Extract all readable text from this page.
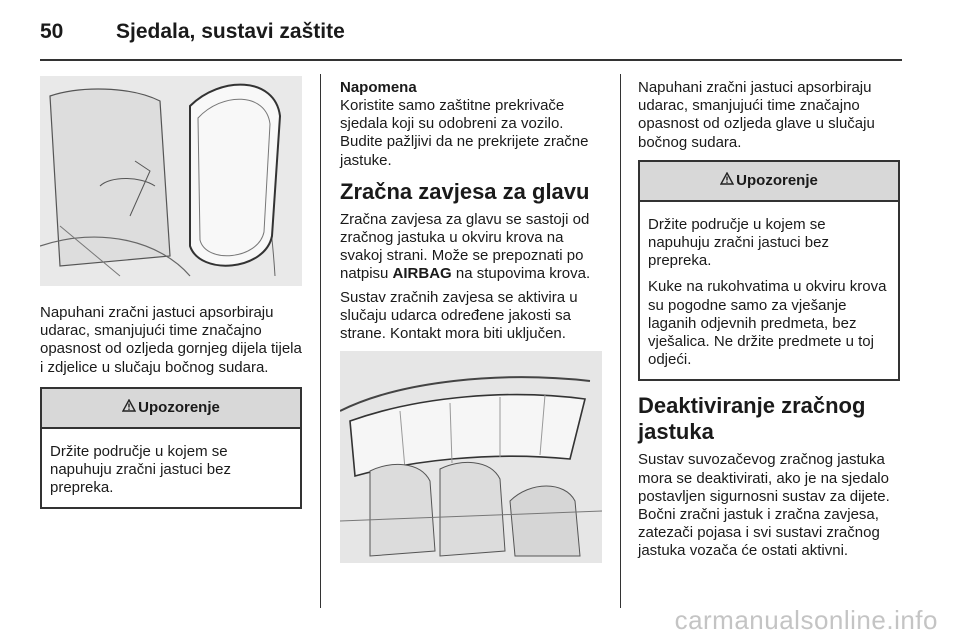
50	Sjedala, sustavi zaštite

Napuhani zračni jastuci apsorbiraju udarac, smanjujući time značajno opasnost od ozljeda gornjeg dijela tijela i zdjelice u slučaju bočnog sudara.

Upozorenje

Držite područje u kojem se napuhuju zračni jastuci bez prepreka.

Napomena

Koristite samo zaštitne prekrivače sjedala koji su odobreni za vozilo. Budite pažljivi da ne prekrijete zračne jastuke.

Zračna zavjesa za glavu

Zračna zavjesa za glavu se sastoji od zračnog jastuka u okviru krova na svakoj strani. Može se prepoznati po natpisu AIRBAG na stupovima krova.

Sustav zračnih zavjesa se aktivira u slučaju udarca određene jakosti sa strane. Kontakt mora biti uključen.

Napuhani zračni jastuci apsorbiraju udarac, smanjujući time značajno opasnost od ozljeda glave u slučaju bočnog sudara.

Upozorenje

Držite područje u kojem se napuhuju zračni jastuci bez prepreka.

Kuke na rukohvatima u okviru krova su pogodne samo za vješanje laganih odjevnih predmeta, bez vješalica. Ne držite predmete u toj odjeći.

Deaktiviranje zračnog jastuka

Sustav suvozačevog zračnog jastuka mora se deaktivirati, ako je na sjedalo postavljen sigurnosni sustav za dijete. Bočni zračni jastuk i zračna zavjesa, zatezači pojasa i svi sustavi zračnog jastuka vozača će ostati aktivni.

carmanualsonline.info
